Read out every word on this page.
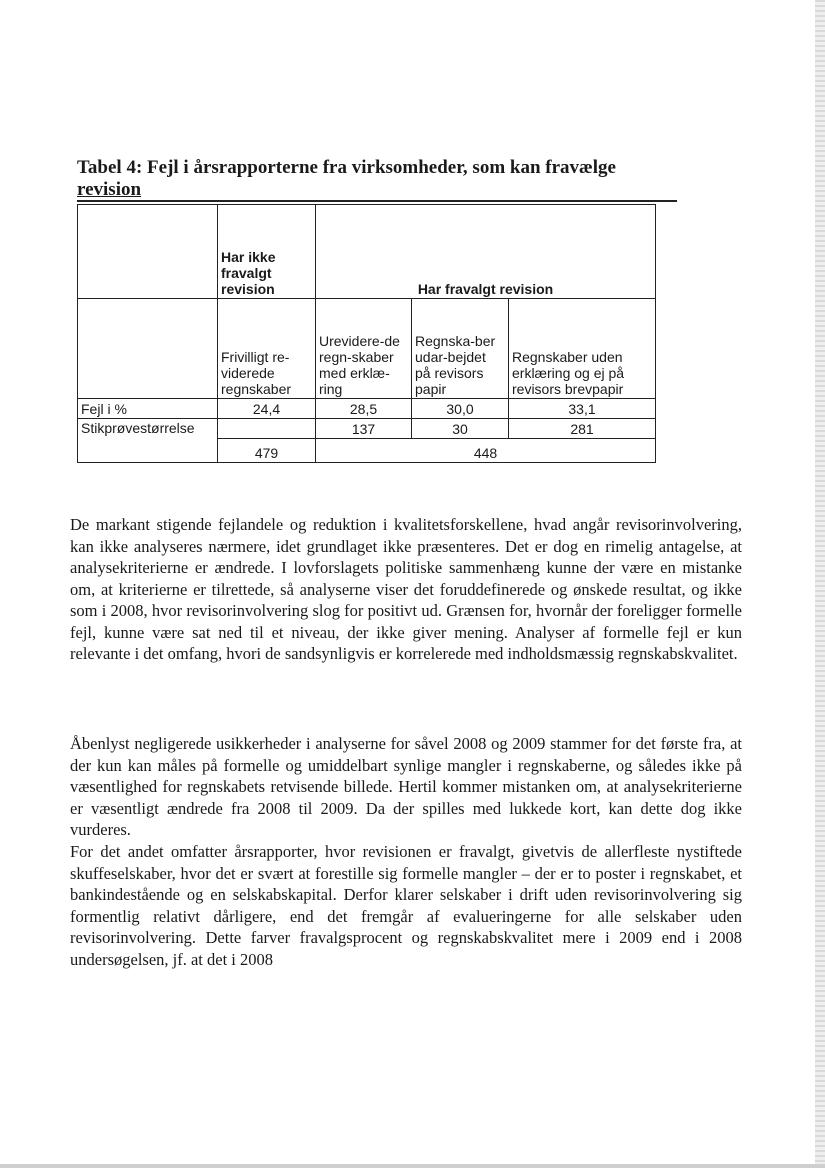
Tabel 4: Fejl i årsrapporterne fra virksomheder, som kan fravælge
revision
	Har ikke fravalgt revision	Har fravalgt revision		
	Frivilligt re-viderede regnskaber	Urevidere-de regn-skaber med erklæ-ring	Regnska-ber udar-bejdet på revisors papir	Regnskaber uden erklæring og ej på revisors brevpapir
Fejl i %	24,4	28,5	30,0	33,1
Stikprøvestørrelse		137	30	281
	479	448		

De markant stigende fejlandele og reduktion i kvalitetsforskellene, hvad angår revisorinvolvering, kan ikke analyseres nærmere, idet grundlaget ikke præsenteres. Det er dog en rimelig antagelse, at analysekriterierne er ændrede. I lovforslagets politiske sammenhæng kunne der være en mistanke om, at kriterierne er tilrettede, så analyserne viser det foruddefinerede og ønskede resultat, og ikke som i 2008, hvor revisorinvolvering slog for positivt ud. Grænsen for, hvornår der foreligger formelle fejl, kunne være sat ned til et niveau, der ikke giver mening. Analyser af formelle fejl er kun relevante i det omfang, hvori de sandsynligvis er korrelerede med indholdsmæssig regnskabskvalitet.

Åbenlyst negligerede usikkerheder i analyserne for såvel 2008 og 2009 stammer for det første fra, at der kun kan måles på formelle og umiddelbart synlige mangler i regnskaberne, og således ikke på væsentlighed for regnskabets retvisende billede. Hertil kommer mistanken om, at analysekriterierne er væsentligt ændrede fra 2008 til 2009. Da der spilles med lukkede kort, kan dette dog ikke vurderes.

For det andet omfatter årsrapporter, hvor revisionen er fravalgt, givetvis de allerfleste nystiftede skuffeselskaber, hvor det er svært at forestille sig formelle mangler – der er to poster i regnskabet, et bankindestående og en selskabskapital. Derfor klarer selskaber i drift uden revisorinvolvering sig formentlig relativt dårligere, end det fremgår af evalueringerne for alle selskaber uden revisorinvolvering. Dette farver fravalgsprocent og regnskabskvalitet mere i 2009 end i 2008 undersøgelsen, jf. at det i 2008
